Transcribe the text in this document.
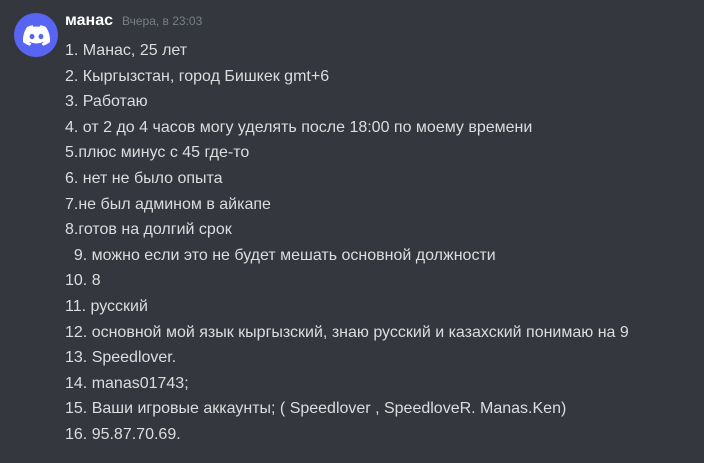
манас Вчера, в 23:03
1. Манас, 25 лет
2. Кыргызстан, город Бишкек gmt+6
3. Работаю
4. от 2 до 4 часов могу уделять после 18:00 по моему времени
5.плюс минус с 45 где-то
6. нет не было опыта
7.не был админом в айкапе
8.готов на долгий срок
9. можно если это не будет мешать основной должности
10. 8
11. русский
12. основной мой язык кыргызский, знаю русский и казахский понимаю на 9
13. Speedlover.
14. manas01743;
15. Ваши игровые аккаунты; ( Speedlover , SpeedloveR. Manas.Ken)
16. 95.87.70.69.
